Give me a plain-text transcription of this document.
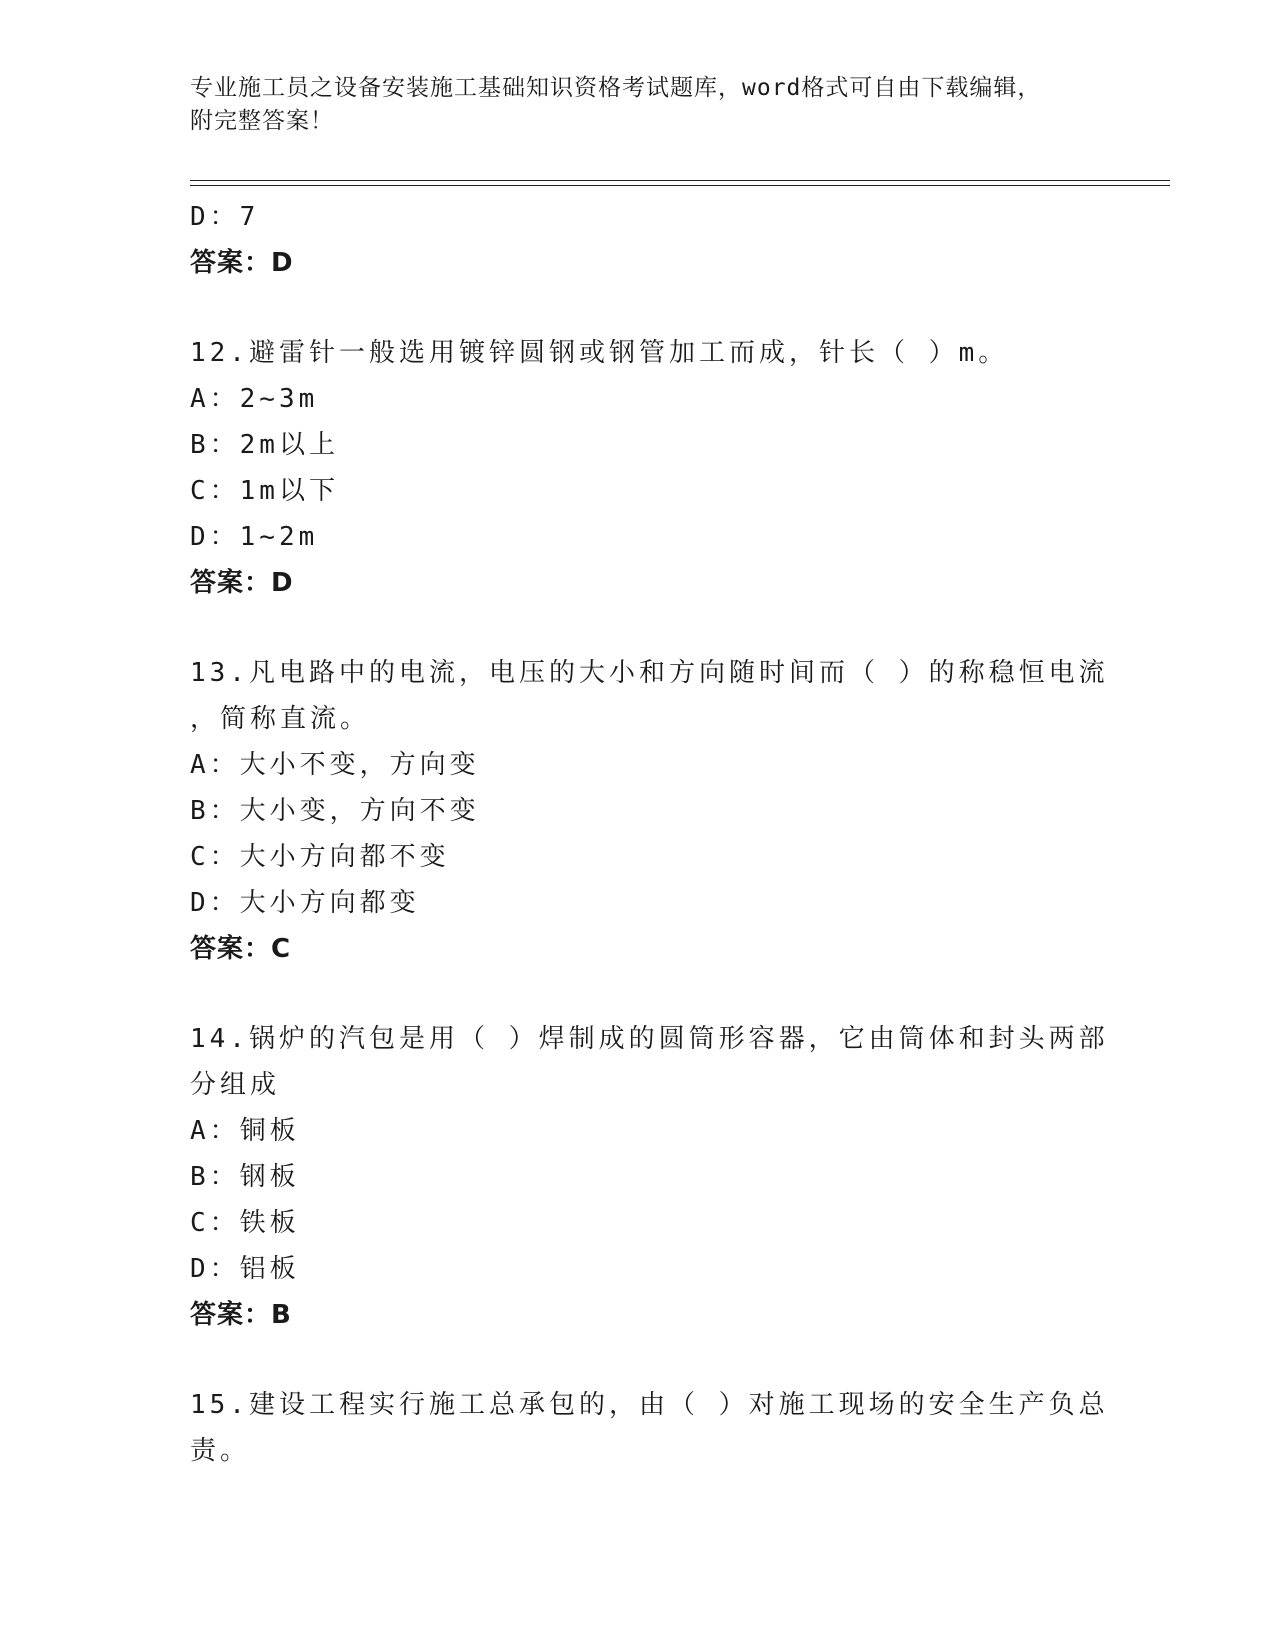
专业施工员之设备安装施工基础知识资格考试题库，word格式可自由下载编辑，
附完整答案！
D：7
答案：D
12.避雷针一般选用镀锌圆钢或钢管加工而成，针长（ ）m。
A：2~3m
B：2m以上
C：1m以下
D：1~2m
答案：D
13.凡电路中的电流，电压的大小和方向随时间而（ ）的称稳恒电流
，简称直流。
A：大小不变，方向变
B：大小变，方向不变
C：大小方向都不变
D：大小方向都变
答案：C
14.锅炉的汽包是用（ ）焊制成的圆筒形容器，它由筒体和封头两部
分组成
A：铜板
B：钢板
C：铁板
D：铝板
答案：B
15.建设工程实行施工总承包的，由（ ）对施工现场的安全生产负总
责。
